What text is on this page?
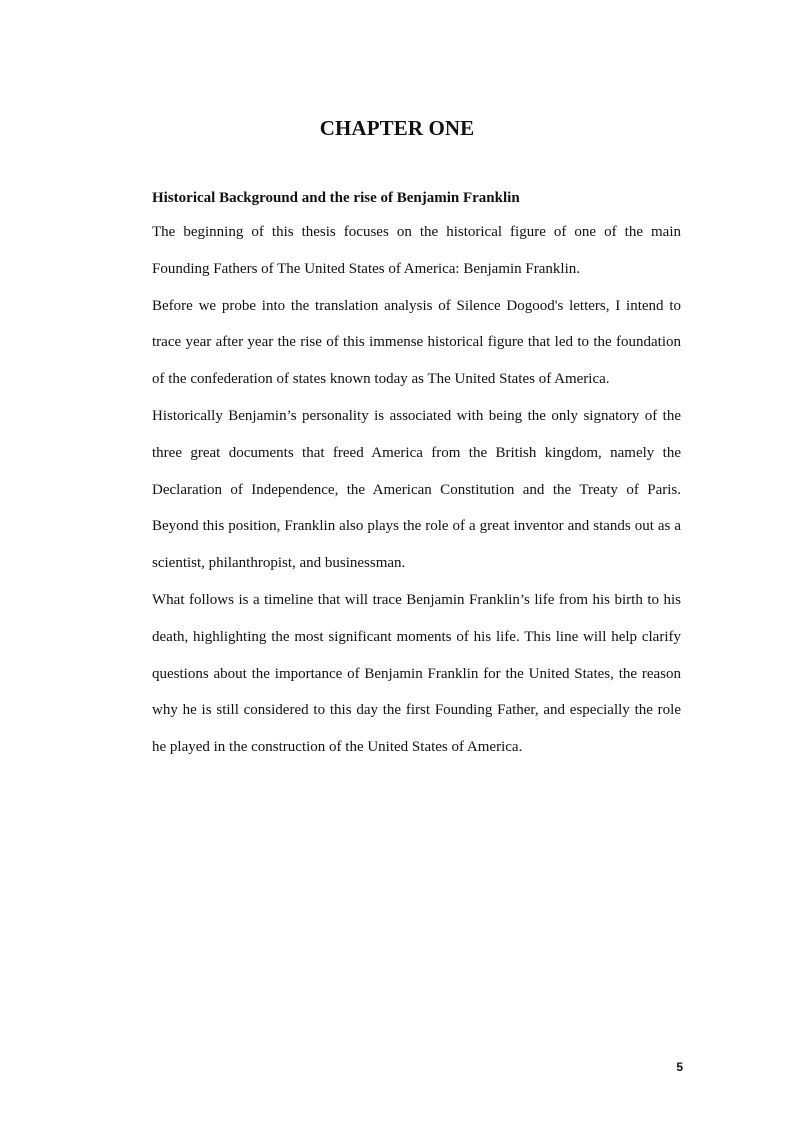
CHAPTER ONE
Historical Background and the rise of Benjamin Franklin

The beginning of this thesis focuses on the historical figure of one of the main Founding Fathers of The United States of America: Benjamin Franklin.

Before we probe into the translation analysis of Silence Dogood's letters, I intend to trace year after year the rise of this immense historical figure that led to the foundation of the confederation of states known today as The United States of America.

Historically Benjamin’s personality is associated with being the only signatory of the three great documents that freed America from the British kingdom, namely the Declaration of Independence, the American Constitution and the Treaty of Paris. Beyond this position, Franklin also plays the role of a great inventor and stands out as a scientist, philanthropist, and businessman.

What follows is a timeline that will trace Benjamin Franklin’s life from his birth to his death, highlighting the most significant moments of his life. This line will help clarify questions about the importance of Benjamin Franklin for the United States, the reason why he is still considered to this day the first Founding Father, and especially the role he played in the construction of the United States of America.

5
